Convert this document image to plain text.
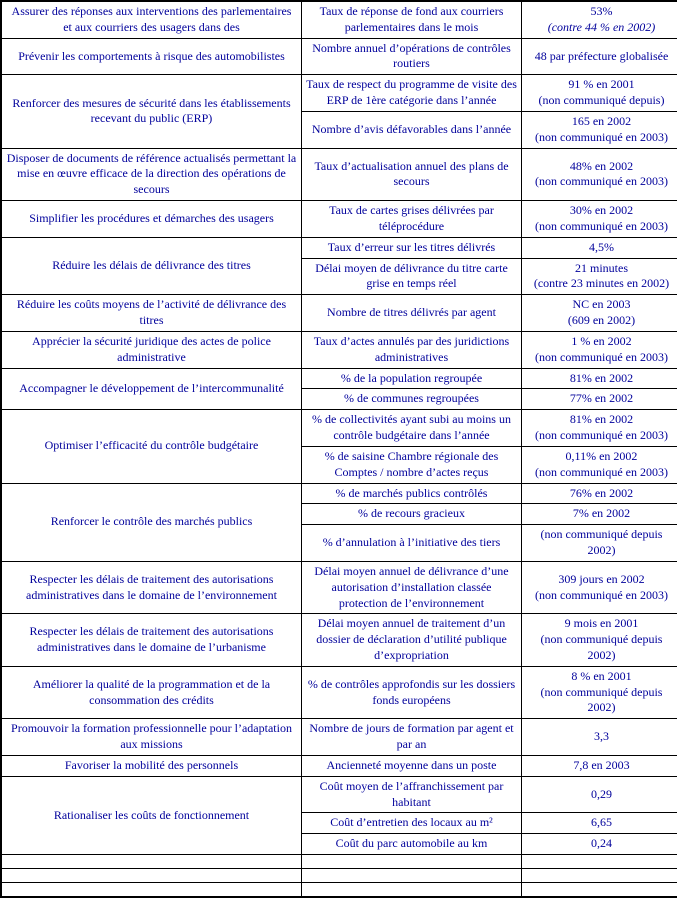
Assurer des réponses aux interventions des parlementaires et aux courriers des usagers dans des	Taux de réponse de fond aux courriers parlementaires dans le mois	53%
(contre 44 % en 2002)

Prévenir les comportements à risque des automobilistes	Nombre annuel d’opérations de contrôles routiers	48 par préfecture globalisée

Renforcer des mesures de sécurité dans les établissements recevant du public (ERP)	Taux de respect du programme de visite des ERP de 1ère catégorie dans l’année	91 % en 2001
(non communiqué depuis)

	Nombre d’avis défavorables dans l’année	165 en 2002
(non communiqué en 2003)

Disposer de documents de référence actualisés permettant la mise en œuvre efficace de la direction des opérations de secours	Taux d’actualisation annuel des plans de secours	48% en 2002
(non communiqué en 2003)

Simplifier les procédures et démarches des usagers	Taux de cartes grises délivrées par téléprocédure	30% en 2002
(non communiqué en 2003)

Réduire les délais de délivrance des titres	Taux d’erreur sur les titres délivrés	4,5%

	Délai moyen de délivrance du titre carte grise en temps réel	21 minutes
(contre 23 minutes en 2002)

Réduire les coûts moyens de l’activité de délivrance des titres	Nombre de titres délivrés par agent	NC en 2003
(609 en 2002)

Apprécier la sécurité juridique des actes de police administrative	Taux d’actes annulés par des juridictions administratives	1 % en 2002
(non communiqué en 2003)

Accompagner le développement de l’intercommunalité	% de la population regroupée	81% en 2002
	% de communes regroupées	77% en 2002
Optimiser l’efficacité du contrôle budgétaire	% de collectivités ayant subi au moins un contrôle budgétaire dans l’année	81% en 2002
(non communiqué en 2003)

	% de saisine Chambre régionale des Comptes / nombre d’actes reçus	0,11% en 2002
(non communiqué en 2003)

Renforcer le contrôle des marchés publics	% de marchés publics contrôlés	76% en 2002
	% de recours gracieux	7% en 2002
	% d’annulation à l’initiative des tiers	(non communiqué depuis 2002)
Respecter les délais de traitement des autorisations administratives dans le domaine de l’environnement	Délai moyen annuel de délivrance d’une autorisation d’installation classée protection de l’environnement	309 jours en 2002
(non communiqué en 2003)

Respecter les délais de traitement des autorisations administratives dans le domaine de l’urbanisme	Délai moyen annuel de traitement d’un dossier de déclaration d’utilité publique d’expropriation	9 mois en 2001
(non communiqué depuis 2002)

Améliorer la qualité de la programmation et de la consommation des crédits	% de contrôles approfondis sur les dossiers fonds européens	8 % en 2001
(non communiqué depuis 2002)

Promouvoir la formation professionnelle pour l’adaptation aux missions	Nombre de jours de formation par agent et par an	3,3
Favoriser la mobilité des personnels	Ancienneté moyenne dans un poste	7,8 en 2003
Rationaliser les coûts de fonctionnement	Coût moyen de l’affranchissement par habitant	0,29
	Coût d’entretien des locaux au m²	6,65
	Coût du parc automobile au km	0,24
